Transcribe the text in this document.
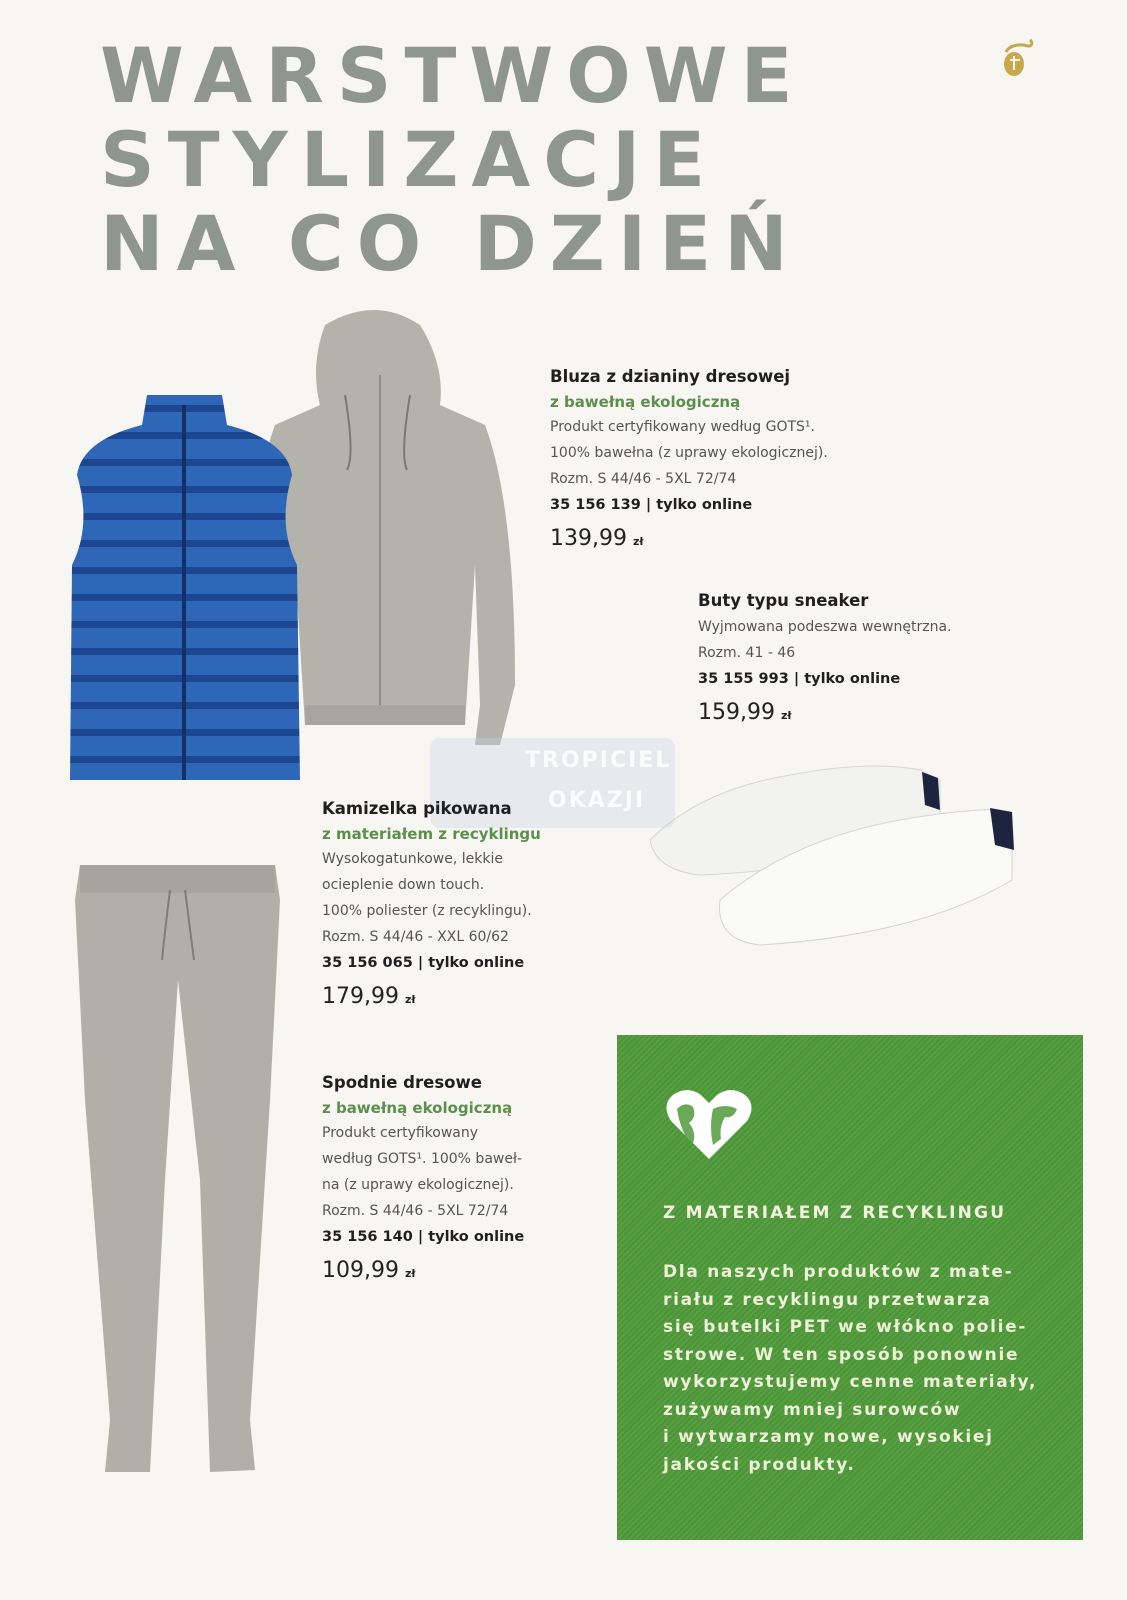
WARSTWOWE
STYLIZACJE
NA CO DZIEŃ
TROPICIEL
OKAZJI
Bluza z dzianiny dresowej
z bawełną ekologiczną
Produkt certyfikowany według GOTS¹.
100% bawełna (z uprawy ekologicznej).
Rozm. S 44/46 - 5XL 72/74
35 156 139 | tylko online
139,99 zł
Buty typu sneaker
Wyjmowana podeszwa wewnętrzna.
Rozm. 41 - 46
35 155 993 | tylko online
159,99 zł
Kamizelka pikowana
z materiałem z recyklingu
Wysokogatunkowe, lekkie
ocieplenie down touch.
100% poliester (z recyklingu).
Rozm. S 44/46 - XXL 60/62
35 156 065 | tylko online
179,99 zł
Spodnie dresowe
z bawełną ekologiczną
Produkt certyfikowany
według GOTS¹. 100% baweł-
na (z uprawy ekologicznej).
Rozm. S 44/46 - 5XL 72/74
35 156 140 | tylko online
109,99 zł
Z MATERIAŁEM Z RECYKLINGU
Dla naszych produktów z mate-
riału z recyklingu przetwarza
się butelki PET we włókno polie-
strowe. W ten sposób ponownie
wykorzystujemy cenne materiały,
zużywamy mniej surowców
i wytwarzamy nowe, wysokiej
jakości produkty.
